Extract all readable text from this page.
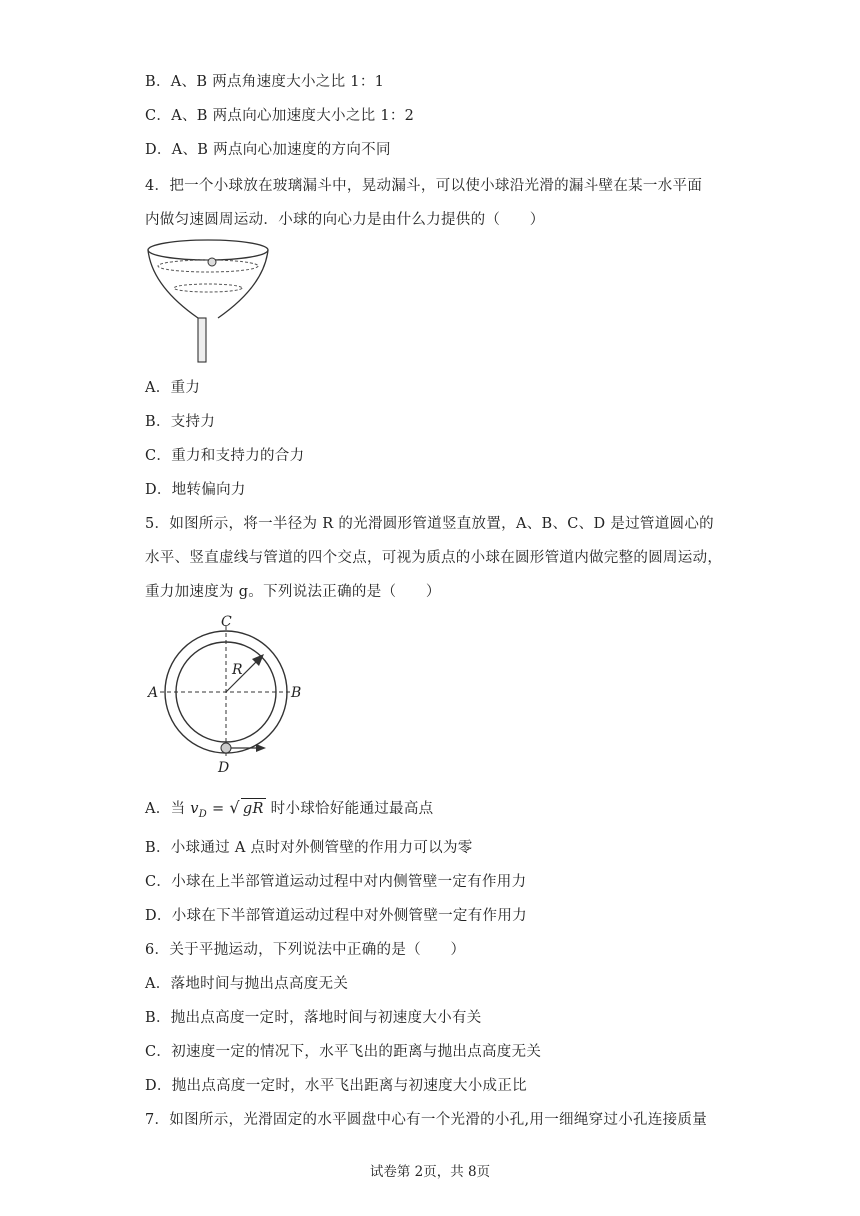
B．A、B 两点角速度大小之比 1：1
C．A、B 两点向心加速度大小之比 1：2
D．A、B 两点向心加速度的方向不同
4．把一个小球放在玻璃漏斗中，晃动漏斗，可以使小球沿光滑的漏斗壁在某一水平面
内做匀速圆周运动．小球的向心力是由什么力提供的（　　）
A．重力
B．支持力
C．重力和支持力的合力
D．地转偏向力
5．如图所示，将一半径为 R 的光滑圆形管道竖直放置，A、B、C、D 是过管道圆心的
水平、竖直虚线与管道的四个交点，可视为质点的小球在圆形管道内做完整的圆周运动，
重力加速度为 g。下列说法正确的是（　　）
C
A	B
R
D
A．当 $v_D$ = √ gR 时小球恰好能通过最高点
B．小球通过 A 点时对外侧管壁的作用力可以为零
C．小球在上半部管道运动过程中对内侧管壁一定有作用力
D．小球在下半部管道运动过程中对外侧管壁一定有作用力
6．关于平抛运动，下列说法中正确的是（　　）
A．落地时间与抛出点高度无关
B．抛出点高度一定时，落地时间与初速度大小有关
C．初速度一定的情况下，水平飞出的距离与抛出点高度无关
D．抛出点高度一定时，水平飞出距离与初速度大小成正比
7．如图所示，光滑固定的水平圆盘中心有一个光滑的小孔,用一细绳穿过小孔连接质量
试卷第 2页，共 8页
